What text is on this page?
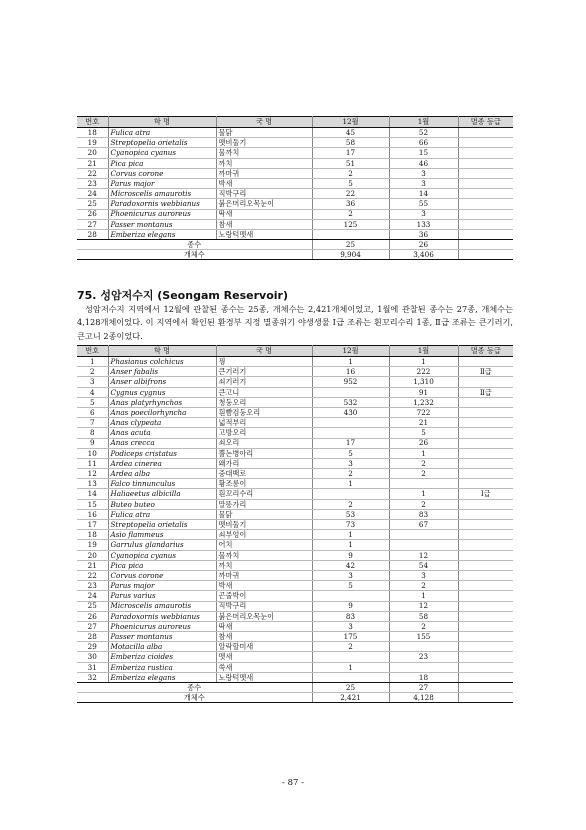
번호	학 명	국 명	12월	1월	멸종 등급
18	Fulica atra	물닭	45	52	
19	Streptopelia orietalis	멧비둘기	58	66	
20	Cyanopica cyanus	물까치	17	15	
21	Pica pica	까치	51	46	
22	Corvus corone	까마귀	2	3	
23	Parus major	박새	5	3	
24	Microscelis amaurotis	직박구리	22	14	
25	Paradoxornis webbianus	붉은머리오목눈이	36	55	
26	Phoenicurus auroreus	딱새	2	3	
27	Passer montanus	참새	125	133	
28	Emberiza elegans	노랑턱멧새		36	
종수			25	26	
개체수			9,904	3,406	
75. 성암저수지 (Seongam Reservoir)

성암저수지 지역에서 12월에 관찰된 종수는 25종, 개체수는 2,421개체이었고, 1월에 관찰된 종수는 27종, 개체수는 4,128개체이었다. 이 지역에서 확인된 환경부 지정 멸종위기 야생생물 Ⅰ급 조류는 흰꼬리수리 1종, Ⅱ급 조류는 큰기러기, 큰고니 2종이었다.

번호	학 명	국 명	12월	1월	멸종 등급
1	Phasianus colchicus	꿩	1	1	
2	Anser fabalis	큰기러기	16	222	Ⅱ급
3	Anser albifrons	쇠기러기	952	1,310	
4	Cygnus cygnus	큰고니		91	Ⅱ급
5	Anas platyrhynchos	청둥오리	532	1,232	
6	Anas poecilorhyncha	흰뺨검둥오리	430	722	
7	Anas clypeata	넓적부리		21	
8	Anas acuta	고방오리		5	
9	Anas crecca	쇠오리	17	26	
10	Podiceps cristatus	뿔논병아리	5	1	
11	Ardea cinerea	왜가리	3	2	
12	Ardea alba	중대백로	2	2	
13	Falco tinnunculus	황조롱이	1		
14	Haliaeetus albicilla	흰꼬리수리		1	Ⅰ급
15	Buteo buteo	말똥가리	2	2	
16	Fulica atra	물닭	53	83	
17	Streptopelia orietalis	멧비둘기	73	67	
18	Asio flammeus	쇠부엉이	1		
19	Garrulus glandarius	어치	1		
20	Cyanopica cyanus	물까치	9	12	
21	Pica pica	까치	42	54	
22	Corvus corone	까마귀	3	3	
23	Parus major	박새	5	2	
24	Parus varius	곤줄박이		1	
25	Microscelis amaurotis	직박구리	9	12	
26	Paradoxornis webbianus	붉은머리오목눈이	83	58	
27	Phoenicurus auroreus	딱새	3	2	
28	Passer montanus	참새	175	155	
29	Motacilla alba	알락할미새	2		
30	Emberiza cioides	멧새		23	
31	Emberiza rustica	쑥새	1		
32	Emberiza elegans	노랑턱멧새		18	
종수			25	27	
개체수			2,421	4,128	

- 87 -
